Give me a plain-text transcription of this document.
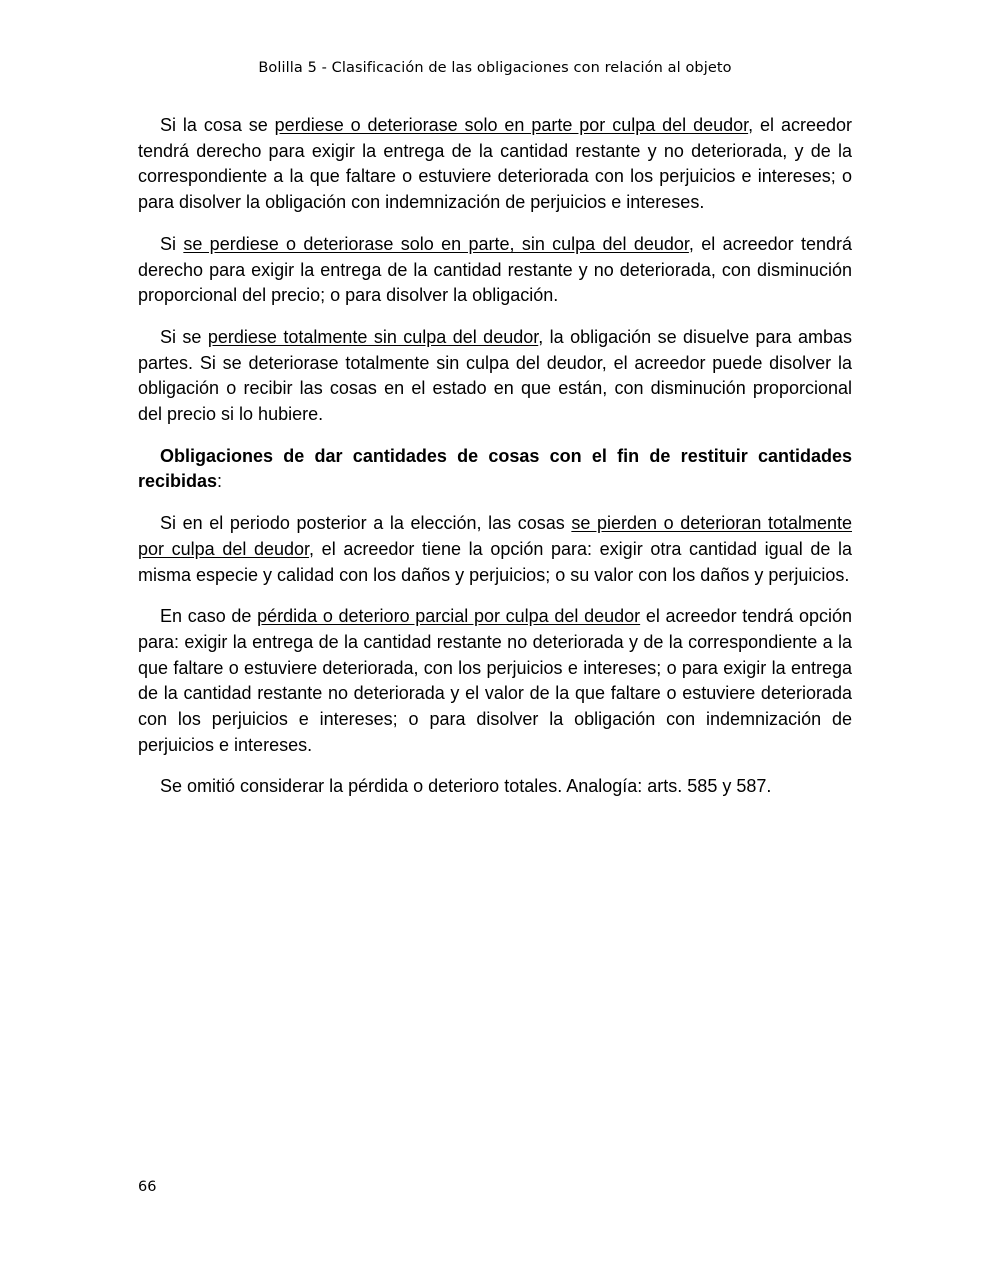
Bolilla 5 - Clasificación de las obligaciones con relación al objeto

Si la cosa se perdiese o deteriorase solo en parte por culpa del deudor, el acreedor tendrá derecho para exigir la entrega de la cantidad restante y no deteriorada, y de la correspondiente a la que faltare o estuviere deteriorada con los perjuicios e intereses; o para disolver la obligación con indemnización de perjuicios e intereses.

Si se perdiese o deteriorase solo en parte, sin culpa del deudor, el acreedor tendrá derecho para exigir la entrega de la cantidad restante y no deteriorada, con disminución proporcional del precio; o para disolver la obligación.

Si se perdiese totalmente sin culpa del deudor, la obligación se disuelve para ambas partes. Si se deteriorase totalmente sin culpa del deudor, el acreedor puede disolver la obligación o recibir las cosas en el estado en que están, con disminución proporcional del precio si lo hubiere.

Obligaciones de dar cantidades de cosas con el fin de restituir cantidades recibidas:

Si en el periodo posterior a la elección, las cosas se pierden o deterioran totalmente por culpa del deudor, el acreedor tiene la opción para: exigir otra cantidad igual de la misma especie y calidad con los daños y perjuicios; o su valor con los daños y perjuicios.

En caso de pérdida o deterioro parcial por culpa del deudor el acreedor tendrá opción para: exigir la entrega de la cantidad restante no deteriorada y de la correspondiente a la que faltare o estuviere deteriorada, con los perjuicios e intereses; o para exigir la entrega de la cantidad restante no deteriorada y el valor de la que faltare o estuviere deteriorada con los perjuicios e intereses; o para disolver la obligación con indemnización de perjuicios e intereses.

Se omitió considerar la pérdida o deterioro totales. Analogía: arts. 585 y 587.

66
